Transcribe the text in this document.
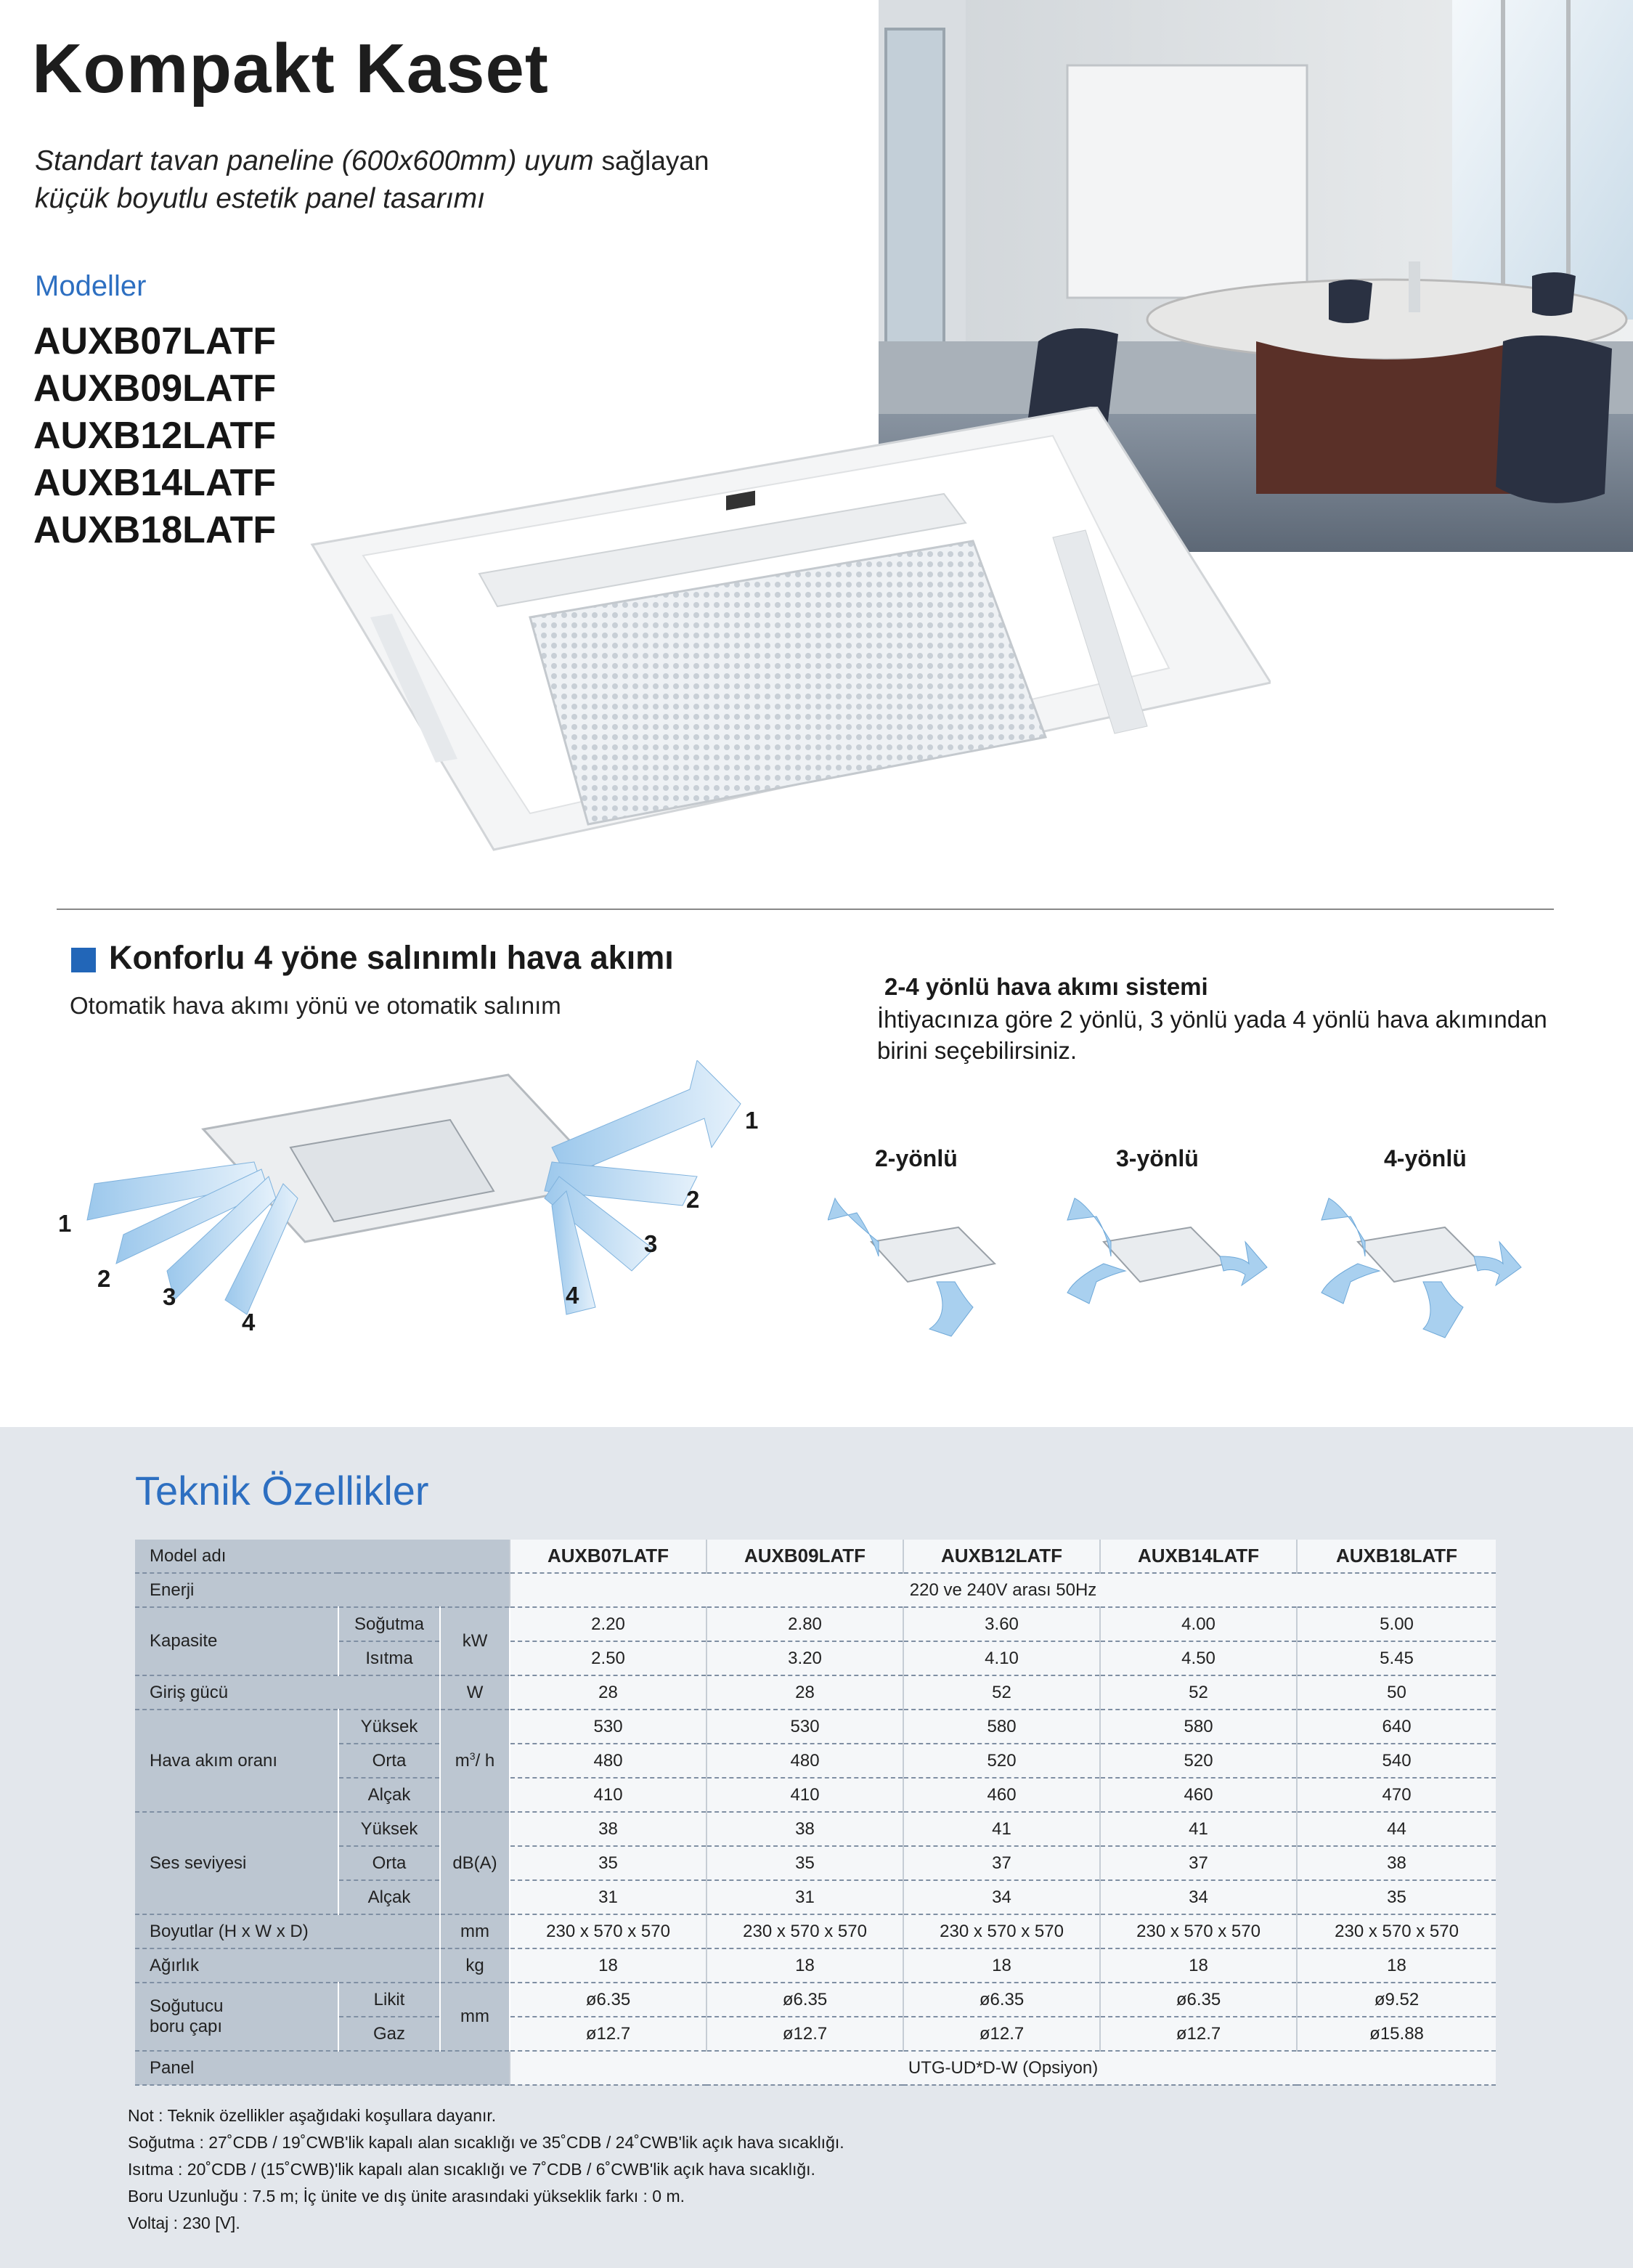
Kompakt Kaset
Standart tavan paneline (600x600mm) uyum sağlayan
küçük boyutlu estetik panel tasarımı
Modeller
AUXB07LATF
AUXB09LATF
AUXB12LATF
AUXB14LATF
AUXB18LATF
Konforlu 4 yöne salınımlı hava akımı
Otomatik hava akımı yönü ve otomatik salınım
2-4 yönlü hava akımı sistemi
İhtiyacınıza göre 2 yönlü, 3 yönlü yada 4 yönlü hava akımından birini seçebilirsiniz.
1
2
3
4
1
2
3
4
2-yönlü	3-yönlü	4-yönlü
Teknik Özellikler
Model adı			AUXB07LATF	AUXB09LATF	AUXB12LATF	AUXB14LATF	AUXB18LATF
Enerji			220 ve 240V arası 50Hz				
Kapasite	Soğutma	kW	2.20	2.80	3.60	4.00	5.00
	Isıtma		2.50	3.20	4.10	4.50	5.45
Giriş gücü		W	28	28	52	52	50
Hava akım oranı	Yüksek	$m^3/$ h	530	530	580	580	640
	Orta		480	480	520	520	540
	Alçak		410	410	460	460	470
Ses seviyesi	Yüksek	dB(A)	38	38	41	41	44
	Orta		35	35	37	37	38
	Alçak		31	31	34	34	35
Boyutlar (H x W x D)		mm	230 x 570 x 570	230 x 570 x 570	230 x 570 x 570	230 x 570 x 570	230 x 570 x 570
Ağırlık		kg	18	18	18	18	18
Soğutucu
boru çapı	Likit	mm	ø6.35	ø6.35	ø6.35	ø6.35	ø9.52
	Gaz		ø12.7	ø12.7	ø12.7	ø12.7	ø15.88
Panel			UTG-UD*D-W (Opsiyon)				
Not : Teknik özellikler aşağıdaki koşullara dayanır.
Soğutma : 27˚CDB / 19˚CWB'lik kapalı alan sıcaklığı ve 35˚CDB / 24˚CWB'lik açık hava sıcaklığı.
Isıtma : 20˚CDB / (15˚CWB)'lik kapalı alan sıcaklığı ve 7˚CDB / 6˚CWB'lik açık hava sıcaklığı.
Boru Uzunluğu : 7.5 m; İç ünite ve dış ünite arasındaki yükseklik farkı : 0 m.
Voltaj : 230 [V].
